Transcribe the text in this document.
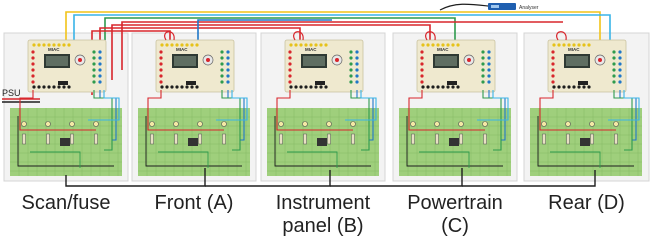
Analyser
PSU
MIAC	MIAC	MIAC	MIAC	MIAC
Scan/fuse	Front (A)	Instrument
panel (B)
Powertrain
(C)
Rear (D)
